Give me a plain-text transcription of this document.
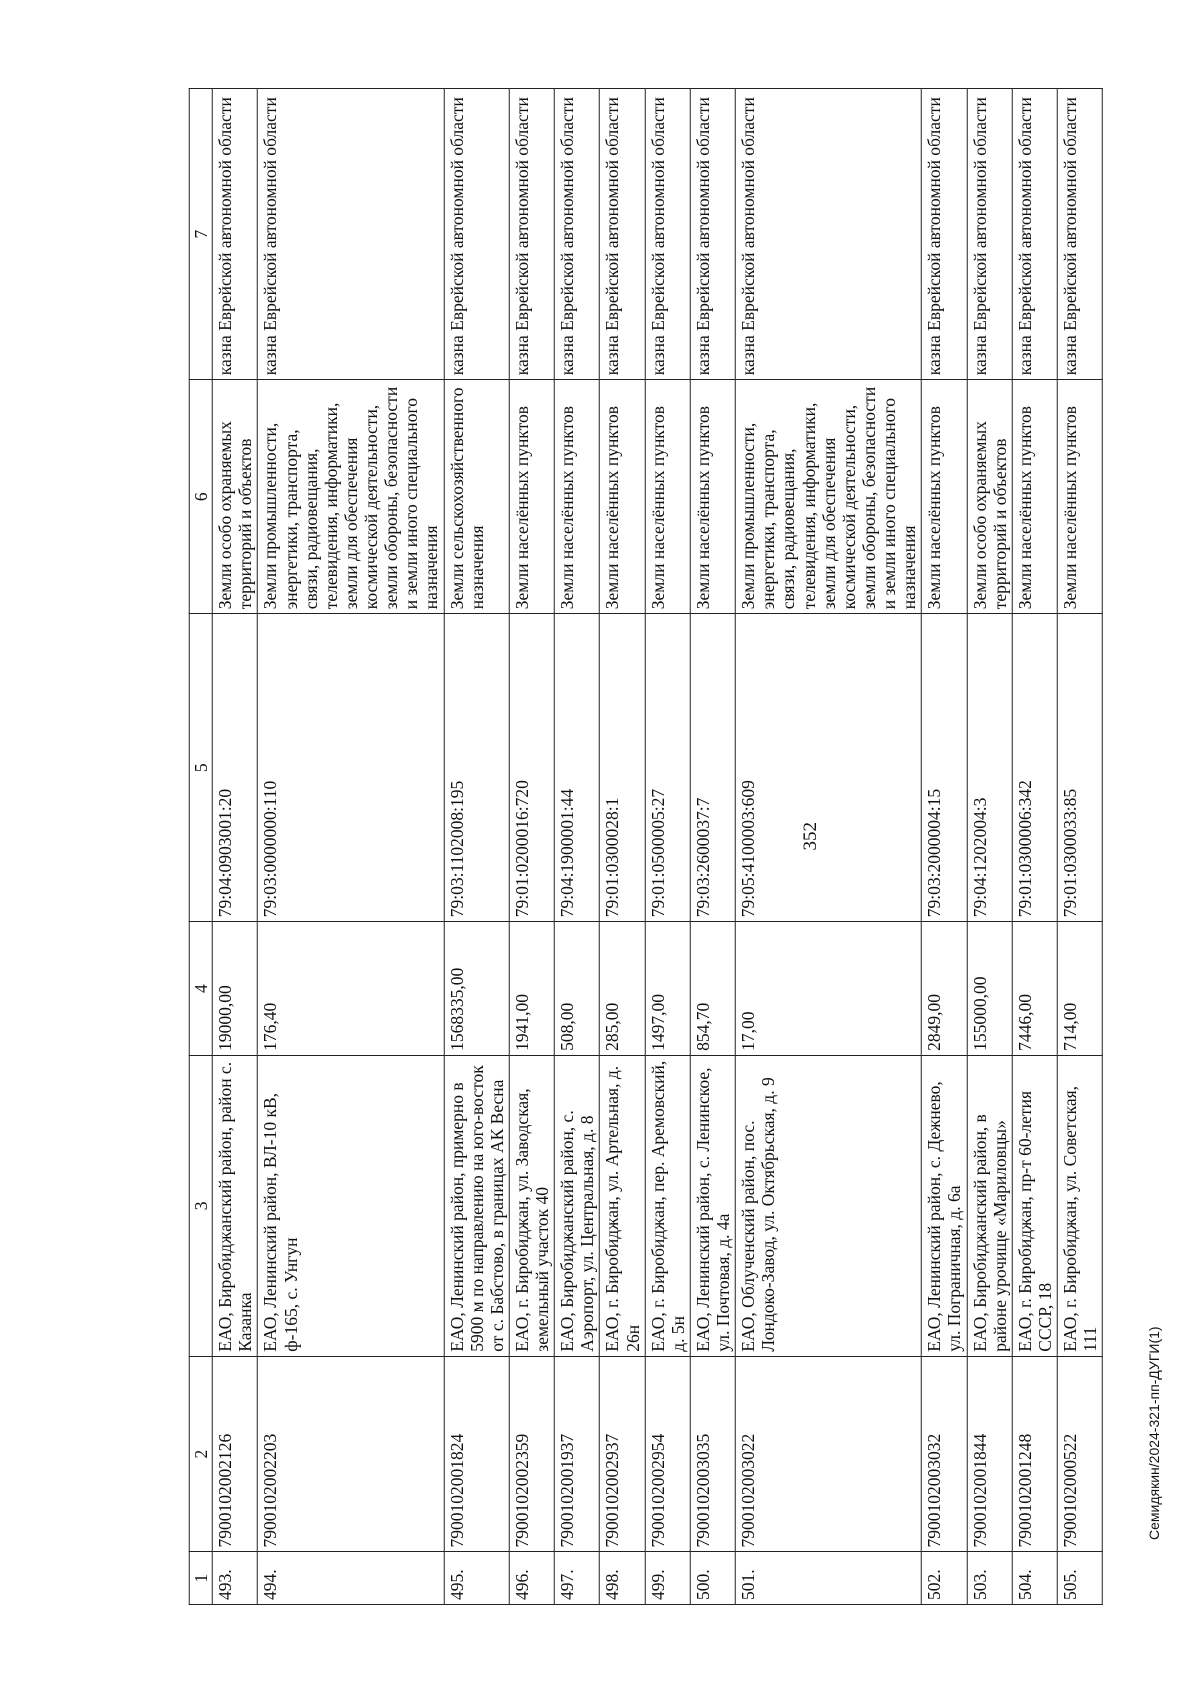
352
1	2	3	4	5	6	7
493.	7900102002126	ЕАО, Биробиджанский район, район с. Казанка	19000,00	79:04:0903001:20	Земли особо охраняемых территорий и объектов	казна Еврейской автономной области
494.	7900102002203	ЕАО, Ленинский район, ВЛ-10 кВ, ф-165, с. Унгун	176,40	79:03:0000000:110	Земли промышленности, энергетики, транспорта, связи, радиовещания, телевидения, информатики, земли для обеспечения космической деятельности, земли обороны, безопасности и земли иного специального назначения	казна Еврейской автономной области
495.	7900102001824	ЕАО, Ленинский район, примерно в 5900 м по направлению на юго-восток от с. Бабстово, в границах АК Весна	1568335,00	79:03:1102008:195	Земли сельскохозяйственного назначения	казна Еврейской автономной области
496.	7900102002359	ЕАО, г. Биробиджан, ул. Заводская, земельный участок 40	1941,00	79:01:0200016:720	Земли населённых пунктов	казна Еврейской автономной области
497.	7900102001937	ЕАО, Биробиджанский район, с. Аэропорт, ул. Центральная, д. 8	508,00	79:04:1900001:44	Земли населённых пунктов	казна Еврейской автономной области
498.	7900102002937	ЕАО, г. Биробиджан, ул. Артельная, д. 26н	285,00	79:01:0300028:1	Земли населённых пунктов	казна Еврейской автономной области
499.	7900102002954	ЕАО, г. Биробиджан, пер. Аремовский, д. 5н	1497,00	79:01:0500005:27	Земли населённых пунктов	казна Еврейской автономной области
500.	7900102003035	ЕАО, Ленинский район, с. Ленинское, ул. Почтовая, д. 4а	854,70	79:03:2600037:7	Земли населённых пунктов	казна Еврейской автономной области
501.	7900102003022	ЕАО, Облученский район, пос. Лондоко-Завод, ул. Октябрьская, д. 9	17,00	79:05:4100003:609	Земли промышленности, энергетики, транспорта, связи, радиовещания, телевидения, информатики, земли для обеспечения космической деятельности, земли обороны, безопасности и земли иного специального назначения	казна Еврейской автономной области
502.	7900102003032	ЕАО, Ленинский район, с. Дежнево, ул. Пограничная, д. 6а	2849,00	79:03:2000004:15	Земли населённых пунктов	казна Еврейской автономной области
503.	7900102001844	ЕАО, Биробиджанский район, в районе урочище «Мариловцы»	155000,00	79:04:1202004:3	Земли особо охраняемых территорий и объектов	казна Еврейской автономной области
504.	7900102001248	ЕАО, г. Биробиджан, пр-т 60-летия СССР, 18	7446,00	79:01:0300006:342	Земли населённых пунктов	казна Еврейской автономной области
505.	7900102000522	ЕАО, г. Биробиджан, ул. Советская, 111	714,00	79:01:0300033:85	Земли населённых пунктов	казна Еврейской автономной области
Семидякин/2024-321-пп-ДУГИ(1)
